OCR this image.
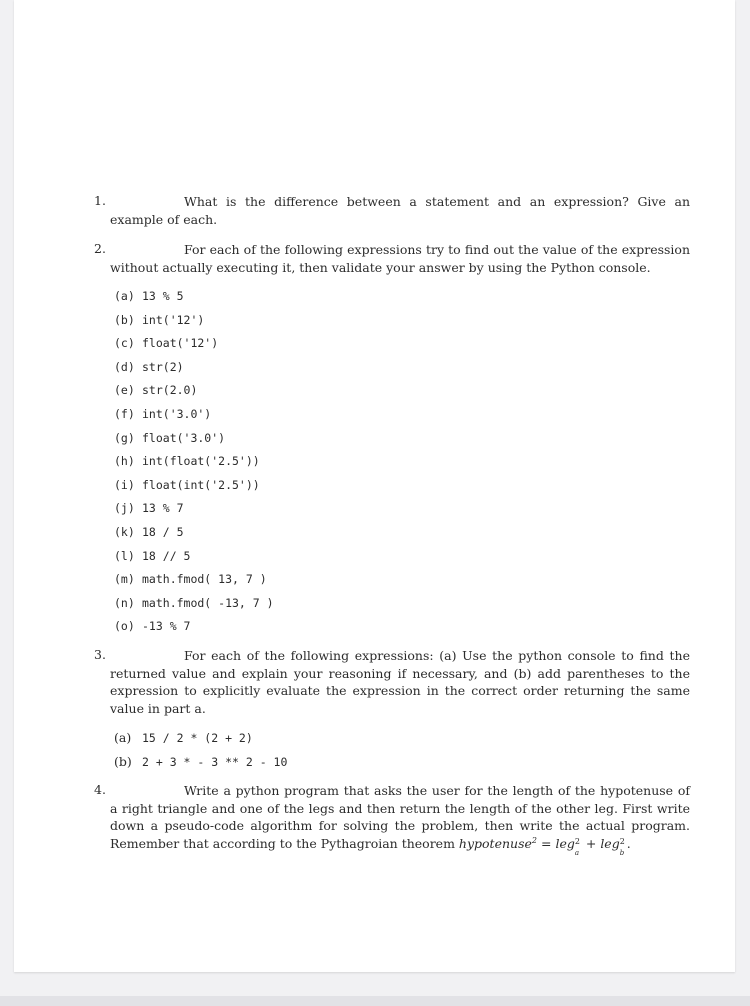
1.	What is the difference between a statement and an expression? Give an example of each.
2.	For each of the following expressions try to find out the value of the expression without actually executing it, then validate your answer by using the Python console.
(a) 13 % 5
(b) int('12')
(c) float('12')
(d) str(2)
(e) str(2.0)
(f) int('3.0')
(g) float('3.0')
(h) int(float('2.5'))
(i) float(int('2.5'))
(j) 13 % 7
(k) 18 / 5
(l) 18 // 5
(m) math.fmod( 13, 7 )
(n) math.fmod( -13, 7 )
(o) -13 % 7
3.	For each of the following expressions: (a) Use the python console to find the returned value and explain your reasoning if necessary, and (b) add parentheses to the expression to explicitly evaluate the expression in the correct order returning the same value in part a.
(a) 15 / 2 * (2 + 2)
(b) 2 + 3 * - 3 ** 2 - 10
4.	Write a python program that asks the user for the length of the hypotenuse of a right triangle and one of the legs and then return the length of the other leg. First write down a pseudo-code algorithm for solving the problem, then write the actual program. Remember that according to the Pythagroian theorem hypotenuse$^2$ = leg 2
a
+ leg 2
b
.
